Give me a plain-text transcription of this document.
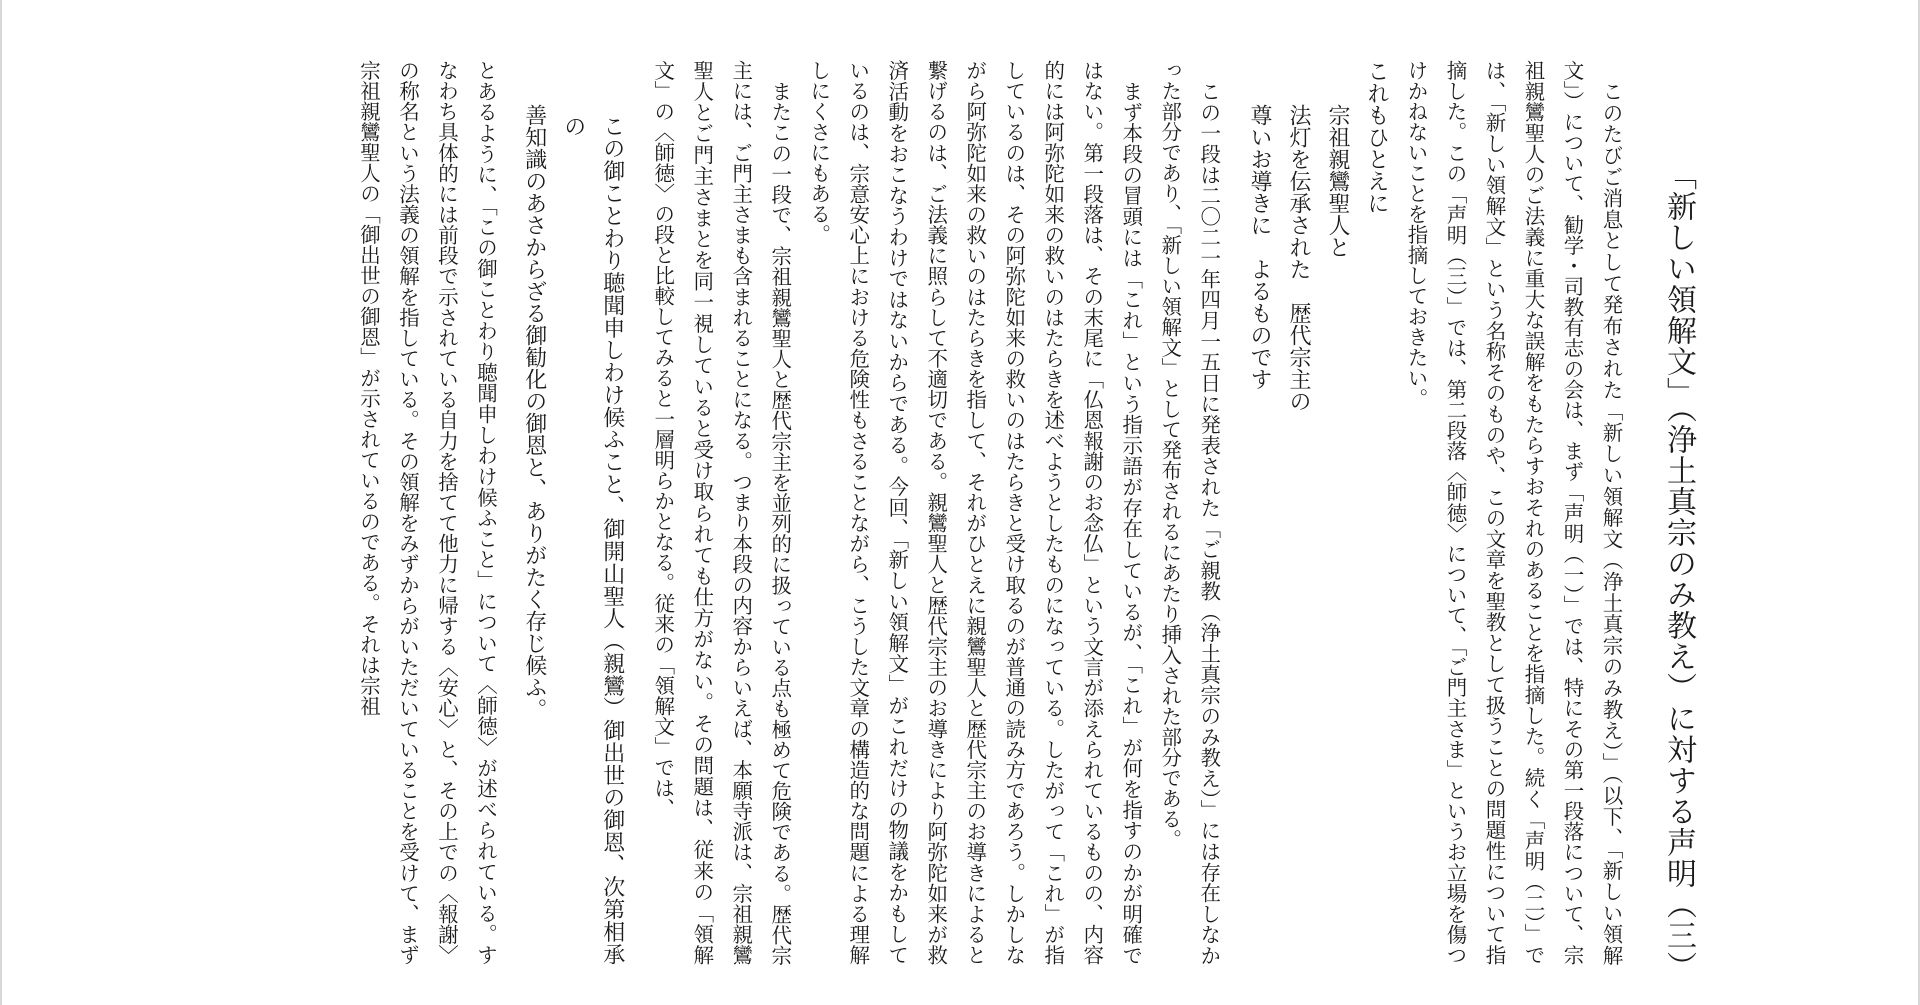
「新しい領解文」（浄土真宗のみ教え）に対する声明（三）

このたびご消息として発布された「新しい領解文（浄土真宗のみ教え）」（以下、「新しい領解文」）について、勧学・司教有志の会は、まず「声明（一）」では、特にその第一段落について、宗祖親鸞聖人のご法義に重大な誤解をもたらすおそれのあることを指摘した。続く「声明（二）」では、「新しい領解文」という名称そのものや、この文章を聖教として扱うことの問題性について指摘した。この「声明（三）」では、第二段落〈師徳〉について、「ご門主さま」というお立場を傷つけかねないことを指摘しておきたい。

これもひとえに

宗祖親鸞聖人と

法灯を伝承された　歴代宗主の

尊いお導きに　よるものです

この一段は二〇二一年四月一五日に発表された「ご親教（浄土真宗のみ教え）」には存在しなかった部分であり、「新しい領解文」として発布されるにあたり挿入された部分である。

まず本段の冒頭には「これ」という指示語が存在しているが、「これ」が何を指すのかが明確ではない。第一段落は、その末尾に「仏恩報謝のお念仏」という文言が添えられているものの、内容的には阿弥陀如来の救いのはたらきを述べようとしたものになっている。したがって「これ」が指しているのは、その阿弥陀如来の救いのはたらきと受け取るのが普通の読み方であろう。しかしながら阿弥陀如来の救いのはたらきを指して、それがひとえに親鸞聖人と歴代宗主のお導きによると繋げるのは、ご法義に照らして不適切である。親鸞聖人と歴代宗主のお導きにより阿弥陀如来が救済活動をおこなうわけではないからである。今回、「新しい領解文」がこれだけの物議をかもしているのは、宗意安心上における危険性もさることながら、こうした文章の構造的な問題による理解しにくさにもある。

またこの一段で、宗祖親鸞聖人と歴代宗主を並列的に扱っている点も極めて危険である。歴代宗主には、ご門主さまも含まれることになる。つまり本段の内容からいえば、本願寺派は、宗祖親鸞聖人とご門主さまとを同一視していると受け取られても仕方がない。その問題は、従来の「領解文」の〈師徳〉の段と比較してみると一層明らかとなる。従来の「領解文」では、

この御ことわり聴聞申しわけ候ふこと、御開山聖人（親鸞）御出世の御恩、次第相承の

善知識のあさからざる御勧化の御恩と、ありがたく存じ候ふ。

とあるように、「この御ことわり聴聞申しわけ候ふこと」について〈師徳〉が述べられている。すなわち具体的には前段で示されている自力を捨てて他力に帰する〈安心〉と、その上での〈報謝〉の称名という法義の領解を指している。その領解をみずからがいただいていることを受けて、まず宗祖親鸞聖人の「御出世の御恩」が示されているのである。それは宗祖
